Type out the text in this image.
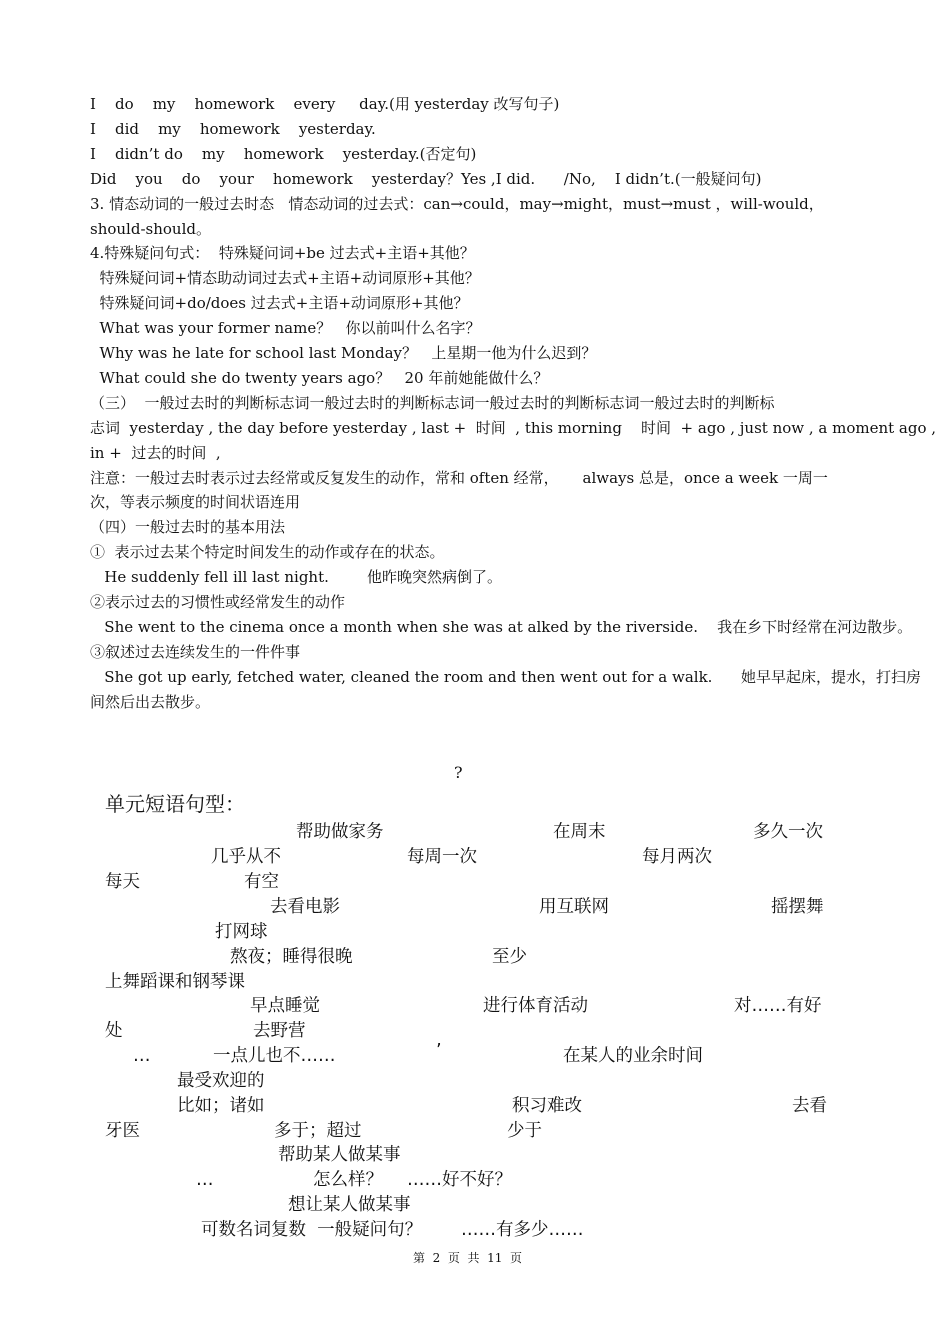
I    do    my    homework    every     day.(用 yesterday 改写句子)
I    did    my    homework    yesterday.
I    didn’t do    my    homework    yesterday.(否定句)
Did    you    do    your    homework    yesterday？Yes ,I did.      /No,    I didn’t.(一般疑问句)
3. 情态动词的一般过去时态   情态动词的过去式：can→could，may→might，must→must ，will-would，
should-should。
4.特殊疑问句式：  特殊疑问词+be 过去式+主语+其他？
特殊疑问词+情态助动词过去式+主语+动词原形+其他？
特殊疑问词+do/does 过去式+主语+动词原形+其他？
What was your former name？   你以前叫什么名字？
Why was he late for school last Monday？   上星期一他为什么迟到？
What could she do twenty years ago？   20 年前她能做什么？
（三）  一般过去时的判断标志词一般过去时的判断标志词一般过去时的判断标志词一般过去时的判断标
志词  yesterday , the day before yesterday , last +  时间  , this morning    时间  + ago , just now , a moment ago ,
in +  过去的时间  ,
注意：一般过去时表示过去经常或反复发生的动作，常和 often 经常，     always 总是，once a week 一周一
次，等表示频度的时间状语连用
（四）一般过去时的基本用法
①  表示过去某个特定时间发生的动作或存在的状态。
He suddenly fell ill last night.        他昨晚突然病倒了。
②表示过去的习惯性或经常发生的动作
She went to the cinema once a month when she was at alked by the riverside.    我在乡下时经常在河边散步。
③叙述过去连续发生的一件件事
She got up early, fetched water, cleaned the room and then went out for a walk.      她早早起床，提水，打扫房
间然后出去散步。
?
单元短语句型：
帮助做家务	在周末	多久一次
几乎从不	每周一次	每月两次
每天	有空
去看电影	用互联网	摇摆舞
打网球
熬夜；睡得很晚	至少
上舞蹈课和钢琴课
早点睡觉	进行体育活动	对……有好
处	去野营
…	一点儿也不……	’	在某人的业余时间
最受欢迎的
比如；诸如	积习难改	去看
牙医	多于；超过	少于
帮助某人做某事
…	怎么样？ ……好不好？
想让某人做某事
可数名词复数  一般疑问句？ ……有多少……
第  2  页  共  11  页
